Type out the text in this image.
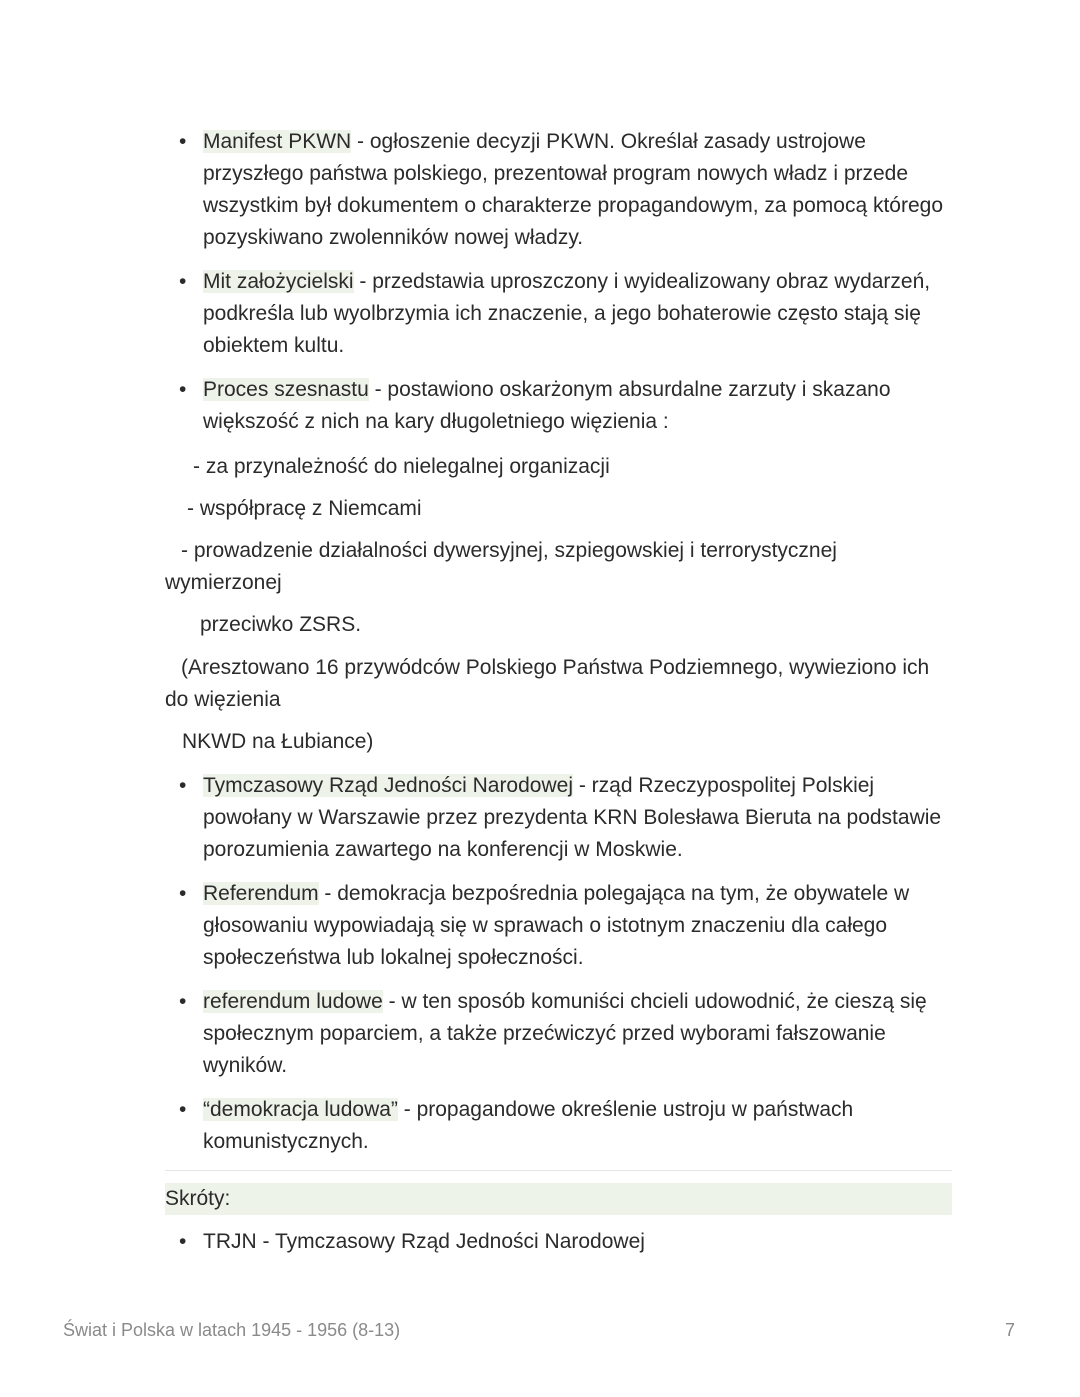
• Manifest PKWN - ogłoszenie decyzji PKWN. Określał zasady ustrojowe przyszłego państwa polskiego, prezentował program nowych władz i przede wszystkim był dokumentem o charakterze propagandowym, za pomocą którego pozyskiwano zwolenników nowej władzy.
• Mit założycielski - przedstawia uproszczony i wyidealizowany obraz wydarzeń, podkreśla lub wyolbrzymia ich znaczenie, a jego bohaterowie często stają się obiektem kultu.
• Proces szesnastu - postawiono oskarżonym absurdalne zarzuty i skazano większość z nich na kary długoletniego więzienia :
- za przynależność do nielegalnej organizacji
- współpracę z Niemcami
- prowadzenie działalności dywersyjnej, szpiegowskiej i terrorystycznej
wymierzonej
przeciwko ZSRS.
(Aresztowano 16 przywódców Polskiego Państwa Podziemnego, wywieziono ich
do więzienia
NKWD na Łubiance)
• Tymczasowy Rząd Jedności Narodowej - rząd Rzeczypospolitej Polskiej powołany w Warszawie przez prezydenta KRN Bolesława Bieruta na podstawie porozumienia zawartego na konferencji w Moskwie.
• Referendum - demokracja bezpośrednia polegająca na tym, że obywatele w głosowaniu wypowiadają się w sprawach o istotnym znaczeniu dla całego społeczeństwa lub lokalnej społeczności.
• referendum ludowe - w ten sposób komuniści chcieli udowodnić, że cieszą się społecznym poparciem, a także przećwiczyć przed wyborami fałszowanie wyników.
• “demokracja ludowa” - propagandowe określenie ustroju w państwach komunistycznych.
Skróty:
• TRJN - Tymczasowy Rząd Jedności Narodowej
Świat i Polska w latach 1945 - 1956 (8-13)	7
